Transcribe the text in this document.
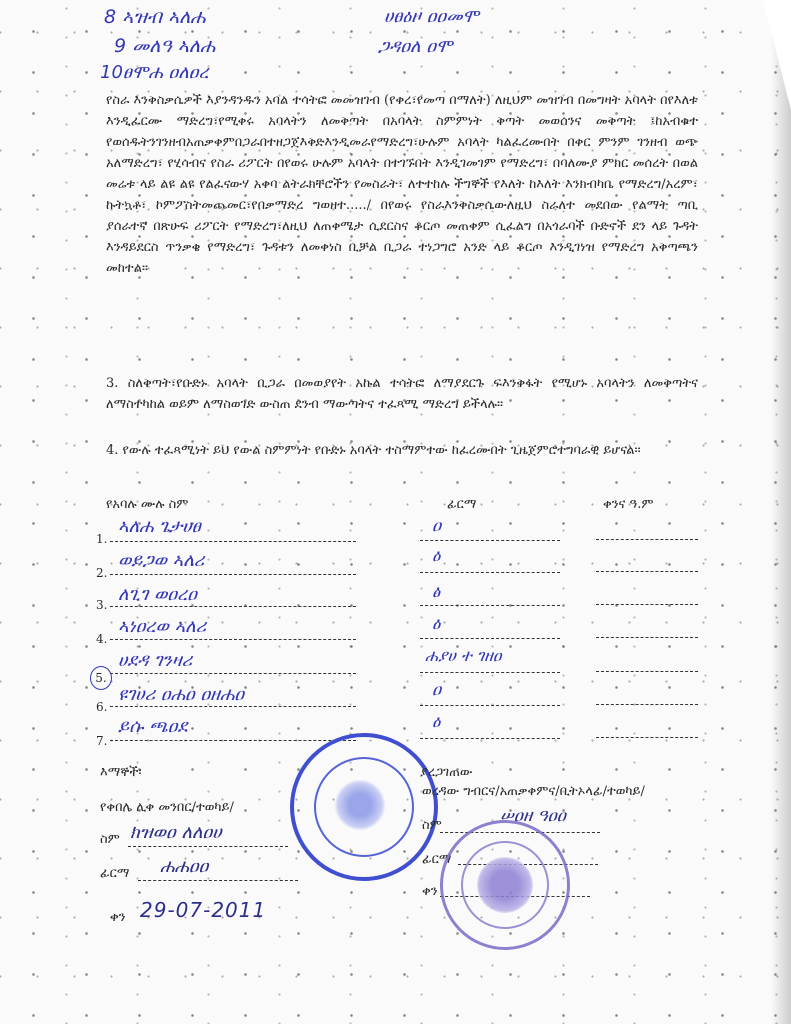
8 ኣዝብ ኣለሐ
9 መለዓ ኣለሐ
10ፀሞሐ ዐለዐረ
ሀፀዕዞ ዐዐመሞ
ጋዳዐለ ዐሞ
የስራ እንቅስቃሴዎች እያንዳንዱን አባል ተሳትፎ መመዝገብ (የቀረ፣የመጣ በማለት) ለዚህም መዝገብ በመግዛት አባላት በየእለቱ እንዲፈርሙ ማድረግ፣የሚቀሩ አባላትን ለመቅጣት በአባላት ስምምነት ቅጣት መወሰንና መቅጣት ፤ከአብቁተ የወሰዱትንገንዘብአጠቃቀምበጋራበተዘጋጀእቅድእንዲመራየማድረግ፣ሁሉም አባላት ካልፈረሙበት በቀር ምንም ገንዘብ ወጭ አለማድረግ፣ የሂሳብና የስራ ሪፖርት በየወሩ ሁሉም አባላት በተገኙበት እንዲገመገም የማድረግ፣ በባለሙያ ምክር መሰረት በወል መሬቱ ላይ ልዩ ልዩ የልፈናውሃ አቀባ ልትራክቸሮችን የመስራት፣ ለተተከሉ ችግኞች የእለት ከእለት እንክብካቤ የማድረግ/አረም፣ ኩትኳቶ፣ ኮምፖስትመጨመር፣የበቃማድረ ግወዘተ...../ በየወሩ የስራእንቅስቃሴውለዚህ ስራለተ መደበው የልማት ጣቢ ያሰራተኛ በጽሁፍ ሪፖርት የማድረግ፣ለዚህ ለጠቀሜታ ሲደርስና ቆርጦ መጠቀም ሲፈልግ በአጎራባች ቡድኖች ደን ላይ ጉዳት እንዳይደርስ ጥንቃቄ የማድረግ፣ ጉዳቱን ለመቀነስ ቢቻል ቢጋራ ተነጋግሮ አንድ ላይ ቆርጦ እንዲገነዝ የማድረግ አቅጣጫን መከተል፡፡
3. ስለቅጣት፣የቡድኑ አባላት ቢጋራ በመወያየት አኩል ተሳትፎ ለማያደርጉ ፍእንቅፋት የሚሆኑ አባላትን ለመቅጣትና ለማስተካከል ወይም ለማስወገድ ውስጠ ደንብ ማውጣትና ተፈጻሚ ማድረግ ይችላሉ።
4. የውሉ ተፈጻሚነት ይህ የውል ስምምነት የቡድኑ አባላት ተስማምተው ከፈረሙበት ጊዜጀምሮተግባራዊ ይሆናል፡፡
የአባሉ ሙሉ ስም	ፊርማ	ቀንና ዓ.ም
1.
ኣለሐ ጌታሀፀ	ዐ
2.
ወይጋወ ኣለሪ	ዕ
3. ለጊገ ወዐረዐ	ፅ
4.
ኣነዐረወ ኣለሪ	ዕ
5.
ሀደዳ ገንዛሪ	ሐያሀ ተ ገዘዐ
6.
ዩገሀሪ ዐሐዐ ዐዘሐዐ	ዐ
7.
ይሱ ጫዐደ	ዕ
እማኞች፡
የቀበሌ ሊቀ መንበር/ተወካይ/
ስም ክዝወዐ ለለዐሀ
ፊርማ ሐሐዐዐ
ቀን 29-07-2011
ያረጋገጠው
ወረዳው ግብርና/አጠቃቀምና/ቢትኦላፊ/ተወካይ/
ስም	ሠዐዘ ዓዐዐ
ፊርማ
ቀን
